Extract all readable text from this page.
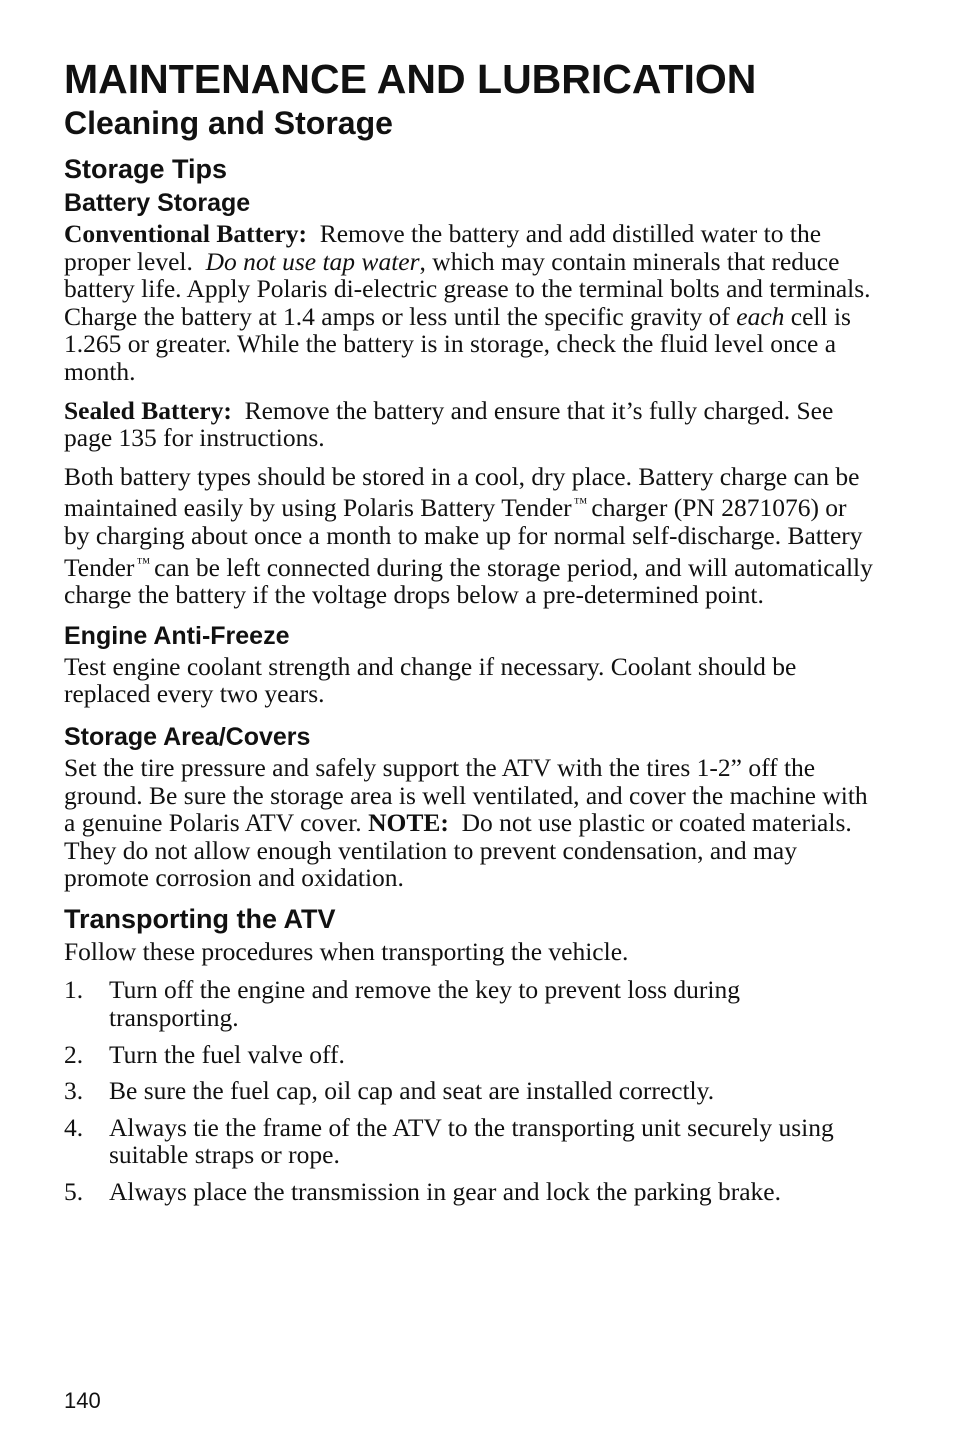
MAINTENANCE AND LUBRICATION
Cleaning and Storage
Storage Tips
Battery Storage

Conventional Battery: Remove the battery and add distilled water to the proper level. Do not use tap water, which may contain minerals that reduce battery life. Apply Polaris di-electric grease to the terminal bolts and terminals. Charge the battery at 1.4 amps or less until the specific gravity of each cell is 1.265 or greater. While the battery is in storage, check the fluid level once a month.

Sealed Battery: Remove the battery and ensure that it’s fully charged. See page 135 for instructions.

Both battery types should be stored in a cool, dry place. Battery charge can be maintained easily by using Polaris Battery Tender ™ charger (PN 2871076) or by charging about once a month to make up for normal self-discharge. Battery Tender ™ can be left connected during the storage period, and will automatically charge the battery if the voltage drops below a pre-determined point.

Engine Anti-Freeze

Test engine coolant strength and change if necessary. Coolant should be replaced every two years.

Storage Area/Covers

Set the tire pressure and safely support the ATV with the tires 1-2” off the ground. Be sure the storage area is well ventilated, and cover the machine with a genuine Polaris ATV cover. NOTE: Do not use plastic or coated materials. They do not allow enough ventilation to prevent condensation, and may promote corrosion and oxidation.

Transporting the ATV

Follow these procedures when transporting the vehicle.

1.	Turn off the engine and remove the key to prevent loss during transporting.
2.	Turn the fuel valve off.
3.	Be sure the fuel cap, oil cap and seat are installed correctly.
4.	Always tie the frame of the ATV to the transporting unit securely using suitable straps or rope.
5.	Always place the transmission in gear and lock the parking brake.
140
